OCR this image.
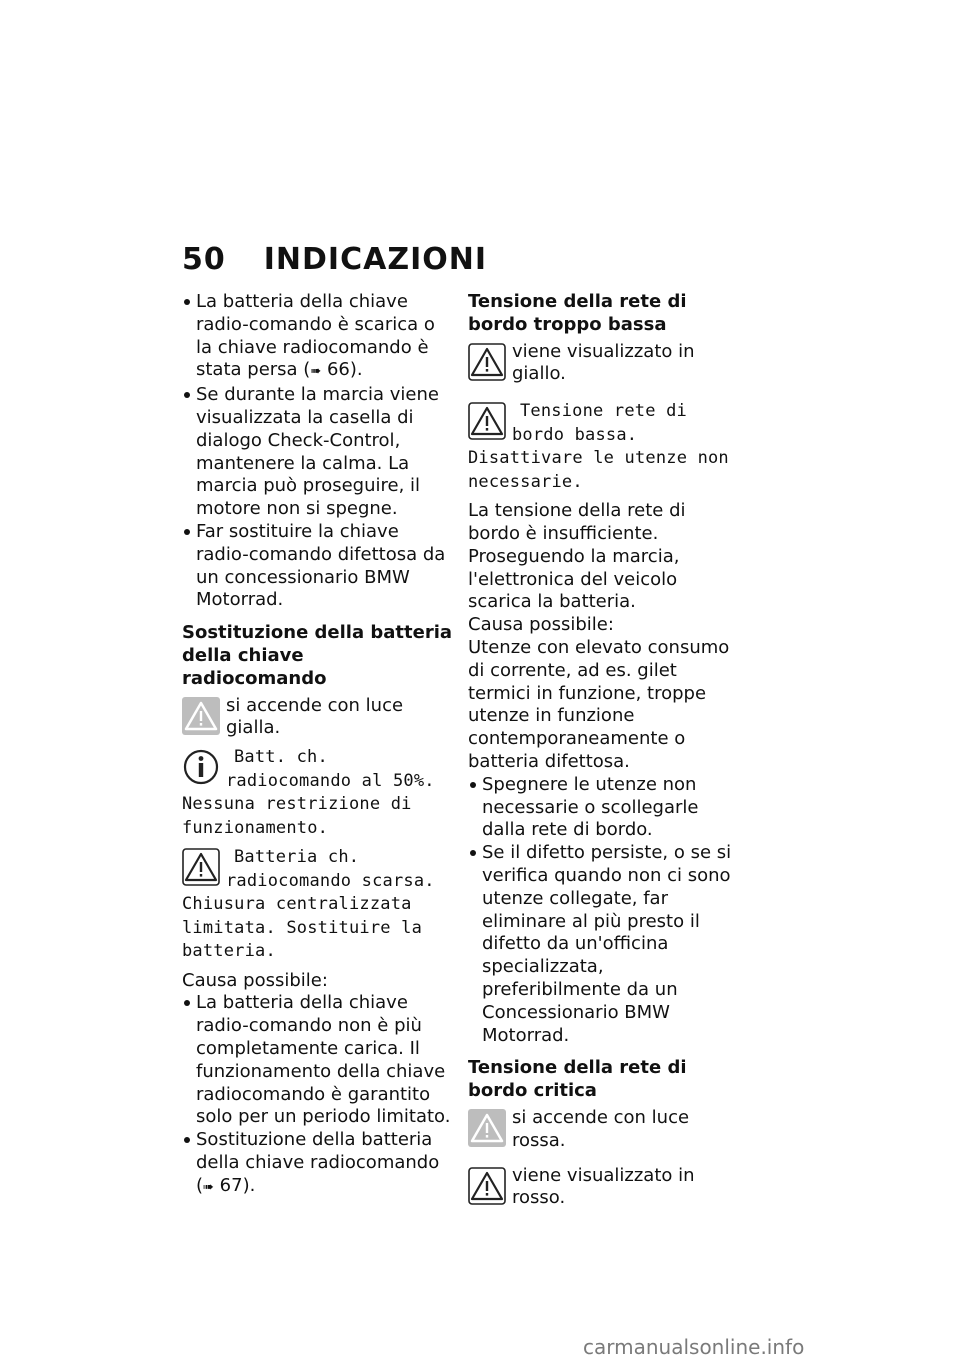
50 INDICAZIONI
La batteria della chiave radio-comando è scarica o la chiave radiocomando è stata persa (➠ 66).
Se durante la marcia viene visualizzata la casella di dialogo Check-Control, mantenere la calma. La marcia può proseguire, il motore non si spegne.
Far sostituire la chiave radio-comando difettosa da un concessionario BMW Motorrad.
Sostituzione della batteria della chiave radiocomando
si accende con luce gialla.
Batt. ch. radiocomando al 50%. Nessuna restrizione di funzionamento.
Batteria ch. radiocomando scarsa. Chiusura centralizzata limitata. Sostituire la batteria.
Causa possibile:
La batteria della chiave radio-comando non è più completamente carica. Il funzionamento della chiave radiocomando è garantito solo per un periodo limitato.
Sostituzione della batteria della chiave radiocomando (➠ 67).
Tensione della rete di bordo troppo bassa
viene visualizzato in giallo.
Tensione rete di bordo bassa. Disattivare le utenze non necessarie.
La tensione della rete di bordo è insufficiente. Proseguendo la marcia, l'elettronica del veicolo scarica la batteria.
Causa possibile:
Utenze con elevato consumo di corrente, ad es. gilet termici in funzione, troppe utenze in funzione contemporaneamente o batteria difettosa.
Spegnere le utenze non necessarie o scollegarle dalla rete di bordo.
Se il difetto persiste, o se si verifica quando non ci sono utenze collegate, far eliminare al più presto il difetto da un'officina specializzata, preferibilmente da un Concessionario BMW Motorrad.
Tensione della rete di bordo critica
si accende con luce rossa.
viene visualizzato in rosso.
carmanualsonline.info
